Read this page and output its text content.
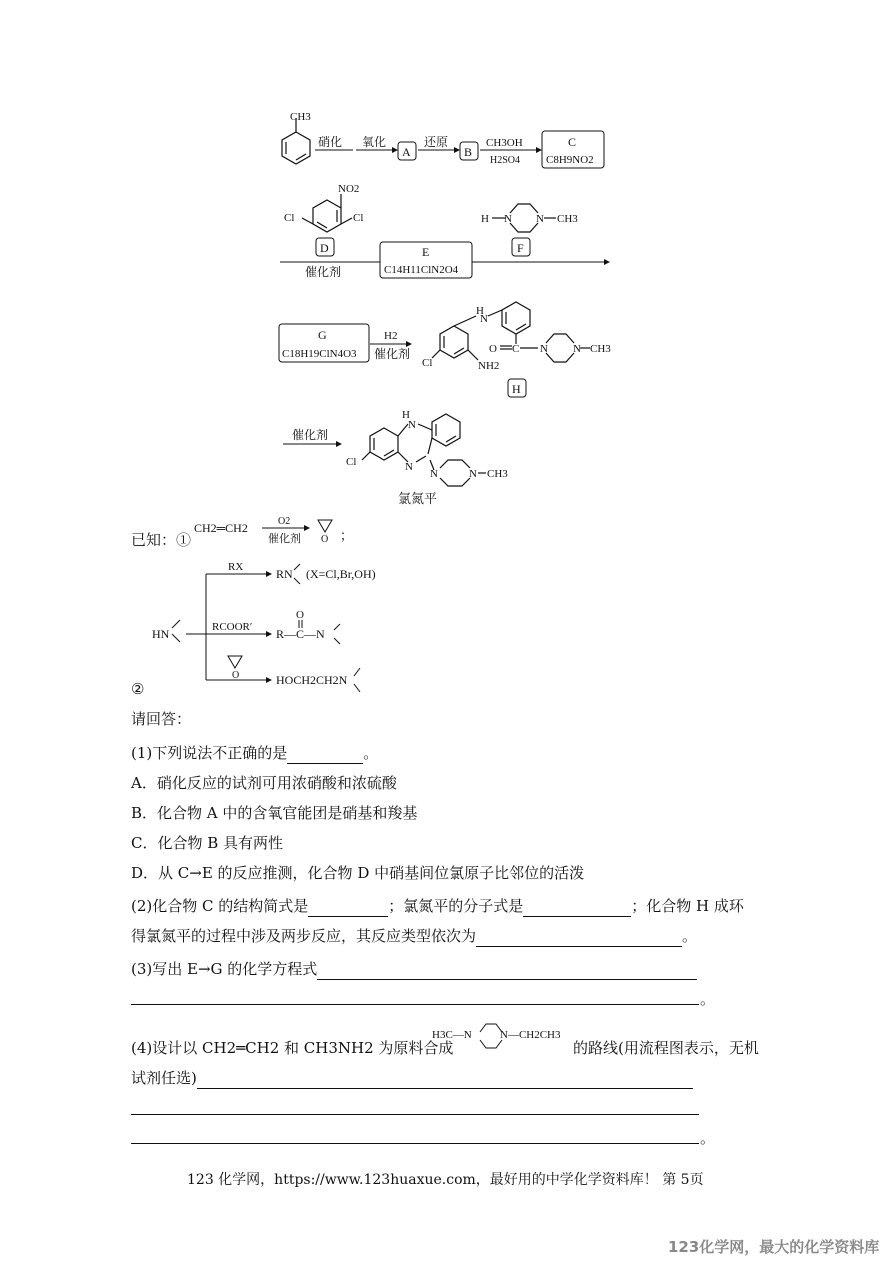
CH3
硝化 氧化
A
还原
B
CH3OH
H2SO4
C
C8H9NO2
NO2
Cl	Cl
D
H N N CH3
F
催化剂
E
C14H11ClN2O4
G
C18H19ClN4O3
H2
催化剂
H
N
Cl	NH2
O C N N CH3
H
催化剂
H
N
N
Cl
N	N CH3
氯氮平
已知：①
CH2═CH2	O2
催化剂 O ；
HN
RX	RN (X=Cl,Br,OH)
RCOOR′
O
R—C—N
O	HOCH2CH2N
②
请回答：
(1)下列说法不正确的是	。
A．硝化反应的试剂可用浓硝酸和浓硫酸
B．化合物 A 中的含氧官能团是硝基和羧基
C．化合物 B 具有两性
D．从 C→E 的反应推测，化合物 D 中硝基间位氯原子比邻位的活泼
(2)化合物 C 的结构简式是	；氯氮平的分子式是	；化合物 H 成环
得氯氮平的过程中涉及两步反应，其反应类型依次为	。
(3)写出 E→G 的化学方程式
。
(4)设计以 CH2═CH2 和 CH3NH2 为原料合成
H3C—N	N—CH2CH3
的路线(用流程图表示，无机
试剂任选)
。
123 化学网，https://www.123huaxue.com，最好用的中学化学资料库！ 第 5页
123化学网，最大的化学资料库
